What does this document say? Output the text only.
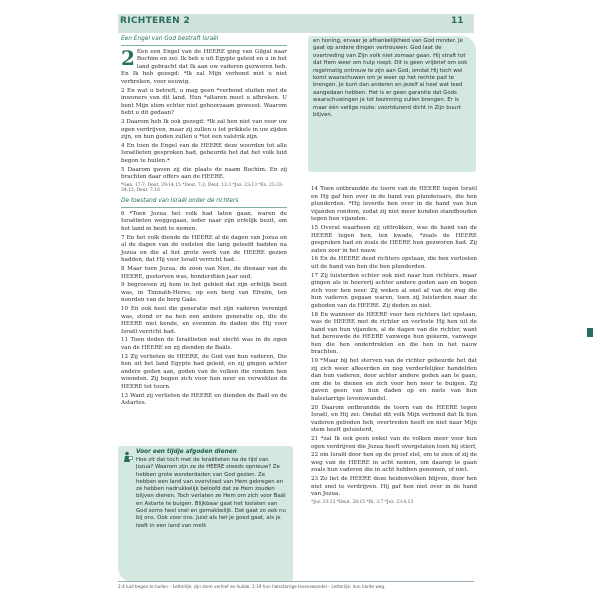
RICHTEREN 2	11
Een Engel van God bestraft Israël
2 Een een Engel van de HEERE ging van Gilgal naar Bochim en zei: Ik heb u uit Egypte geleid en u in het land gebracht dat Ik aan uw vaderen gezworen heb. En Ik heb gezegd: *Ik zal Mijn verbond met u niet verbreken, voor eeuwig.

2 En wat u betreft, u mag geen *verbond sluiten met de inwoners van dit land. Hun *altaren moet u afbreken. U bent Mijn stem echter niet gehoorzaam geweest. Waarom hebt u dit gedaan?

3 Daarom heb Ik ook gezegd: *Ik zal hen niet van voor uw ogen verdrijven, maar zij zullen u tot prikkels in uw zijden zijn, en hun goden zullen u *tot een valstrik zijn.

4 En toen de Engel van de HEERE deze woorden tot alle Israëlieten gesproken had, gebeurde het dat het volk luid begon te huilen.*

5 Daarom gaven zij die plaats de naam Bochim. En zij brachten daar offers aan de HEERE.

*Gen. 17:7; Deut. 29:14,15 *Deut. 7:2; Deut. 12:3 *Joz. 23:13 *Ex. 23:33; 34:12; Deut. 7:16

De toestand van Israël onder de richters

6 *Toen Jozua het volk had laten gaan, waren de Israëlieten weggegaan, ieder naar zijn erfelijk bezit, om het land in bezit te nemen.

7 En het volk diende de HEERE al de dagen van Jozua en al de dagen van de oudsten die lang geleefd hadden na Jozua en die al het grote werk van de HEERE gezien hadden, dat Hij voor Israël verricht had.

8 Maar toen Jozua, de zoon van Nun, de dienaar van de HEERE, gestorven was, honderdtien jaar oud,

9 begroeven zij hem in het gebied dat zijn erfelijk bezit was, in Timnath-Heres, op een berg van Efraïm, ten noorden van de berg Gaäs.

10 En ook heel die generatie met zijn vaderen verenigd was, stond er na hen een andere generatie op, die de HEERE niet kende, en evenmin de daden die Hij voor Israël verricht had.

11 Toen deden de Israëlieten wat slecht was in de ogen van de HEERE en zij dienden de Baäls.

12 Zij verlieten de HEERE, de God van hun vaderen, Die hen uit het land Egypte had geleid, en zij gingen achter andere goden aan, goden van de volken die rondom hen woonden. Zij bogen zich voor hen neer en verwekten de HEERE tot toorn.

13 Want zij verlieten de HEERE en dienden de Baäl en de Astartes.

en honing, ervaar je afhankelijkheid van God minder. Je gaat op andere dingen vertrouwen. God laat de overtreding van Zijn volk niet zomaar gaan. Hij straft tot dat Hem weer om hulp roept. Dit is geen vrijbrief om ook regelmatig ontrouw te zijn aan God, omdat Hij toch wel komt waarschuwen om je weer op het rechte pad te brengen. Je kunt dan anderen en jezelf al heel wat leed aangedaan hebben. Het is er geen garantie dat Gods waarschuwingen je tot bezinning zullen brengen. Er is maar één veilige route: voortdurend dicht in Zijn buurt blijven.

14 Toen ontbrandde de toorn van de HEERE tegen Israël en Hij gaf hen over in de hand van plunderaars, die hen plunderden. *Hij leverde hen over in de hand van hun vijanden rondom, zodat zij niet meer konden standhouden tegen hun vijanden.

15 Overal waarheen zij uittrokken, was de hand van de HEERE tegen hen, ten kwade, *zoals de HEERE gesproken had en zoals de HEERE hun gezworen had. Zij zaten zeer in het nauw.

16 En de HEERE deed richters opstaan, die hen verlosten uit de hand van hen die hen plunderden.

17 Zij luisterden echter ook niet naar hun richters, maar gingen als in hoererij achter andere goden aan en bogen zich voor hen neer. Zij weken al snel af van de weg die hun vaderen gegaan waren, toen zij luisterden naar de geboden van de HEERE. Zij deden zo niet.

18 En wanneer de HEERE voor hen richters liet opstaan, was de HEERE met de richter en verloste Hij hen uit de hand van hun vijanden, al de dagen van die richter, want het berouwde de HEERE vanwege hun gekerm, vanwege hen die hen onderdrukten en die hen in het nauw brachten.

19 *Maar bij het sterven van de richter gebeurde het dat zij zich weer afkeerden en nog verderfelijker handelden dan hun vaderen, door achter andere goden aan te gaan, om die te dienen en zich voor hen neer te buigen. Zij gaven geen van hun daden op en niets van hun halsstarrige levenswandel.

20 Daarom ontbrandde de toorn van de HEERE tegen Israël, en Hij zei: Omdat dit volk Mijn verbond dat Ik hun vaderen geboden heb, overtreden heeft en niet naar Mijn stem heeft geluisterd,

21 *zal Ik ook geen enkel van de volken meer voor hun ogen verdrijven die Jozua heeft overgelaten toen hij stierf,

22 om Israël door hen op de proef stel, om te zien of zij de weg van de HEERE in acht nemen, om daarop te gaan zoals hun vaderen die in acht hebben genomen, of niet.

23 Zo liet de HEERE deze heidenvolken blijven, door hen niet snel te verdrijven. Hij gaf hen niet over in de hand van Jozua.

*Joz. 23:13 *Deut. 28:15 *Ri. 3:7 *Joz. 23:4,13

Voor een tijdje afgoden dienen
Hoe zit dat toch met de Israëlieten na de tijd van Jozua? Waarom zijn ze de HEERE steeds opnieuw? Ze hebben grote wonderdaden van God gezien. Ze hebben een land van overvloed van Hem gekregen en ze hebben nadrukkelijk beloofd dat ze Hem zouden blijven dienen. Toch verlaten ze Hem om zich voor Baäl en Astarte te buigen. Blijkbaar gaat het loslaten van God soms heel snel en gemakkelijk. Dat gaat zo ook nu bij ons. Ook voor ons. Juist als het je goed gaat, als je leeft in een land van melk
2:4 luid begon te huilen – Letterlijk: zijn stem verhief en huilde. 2:19 hun halsstarrige levenswandel – Letterlijk: hun harde weg.
